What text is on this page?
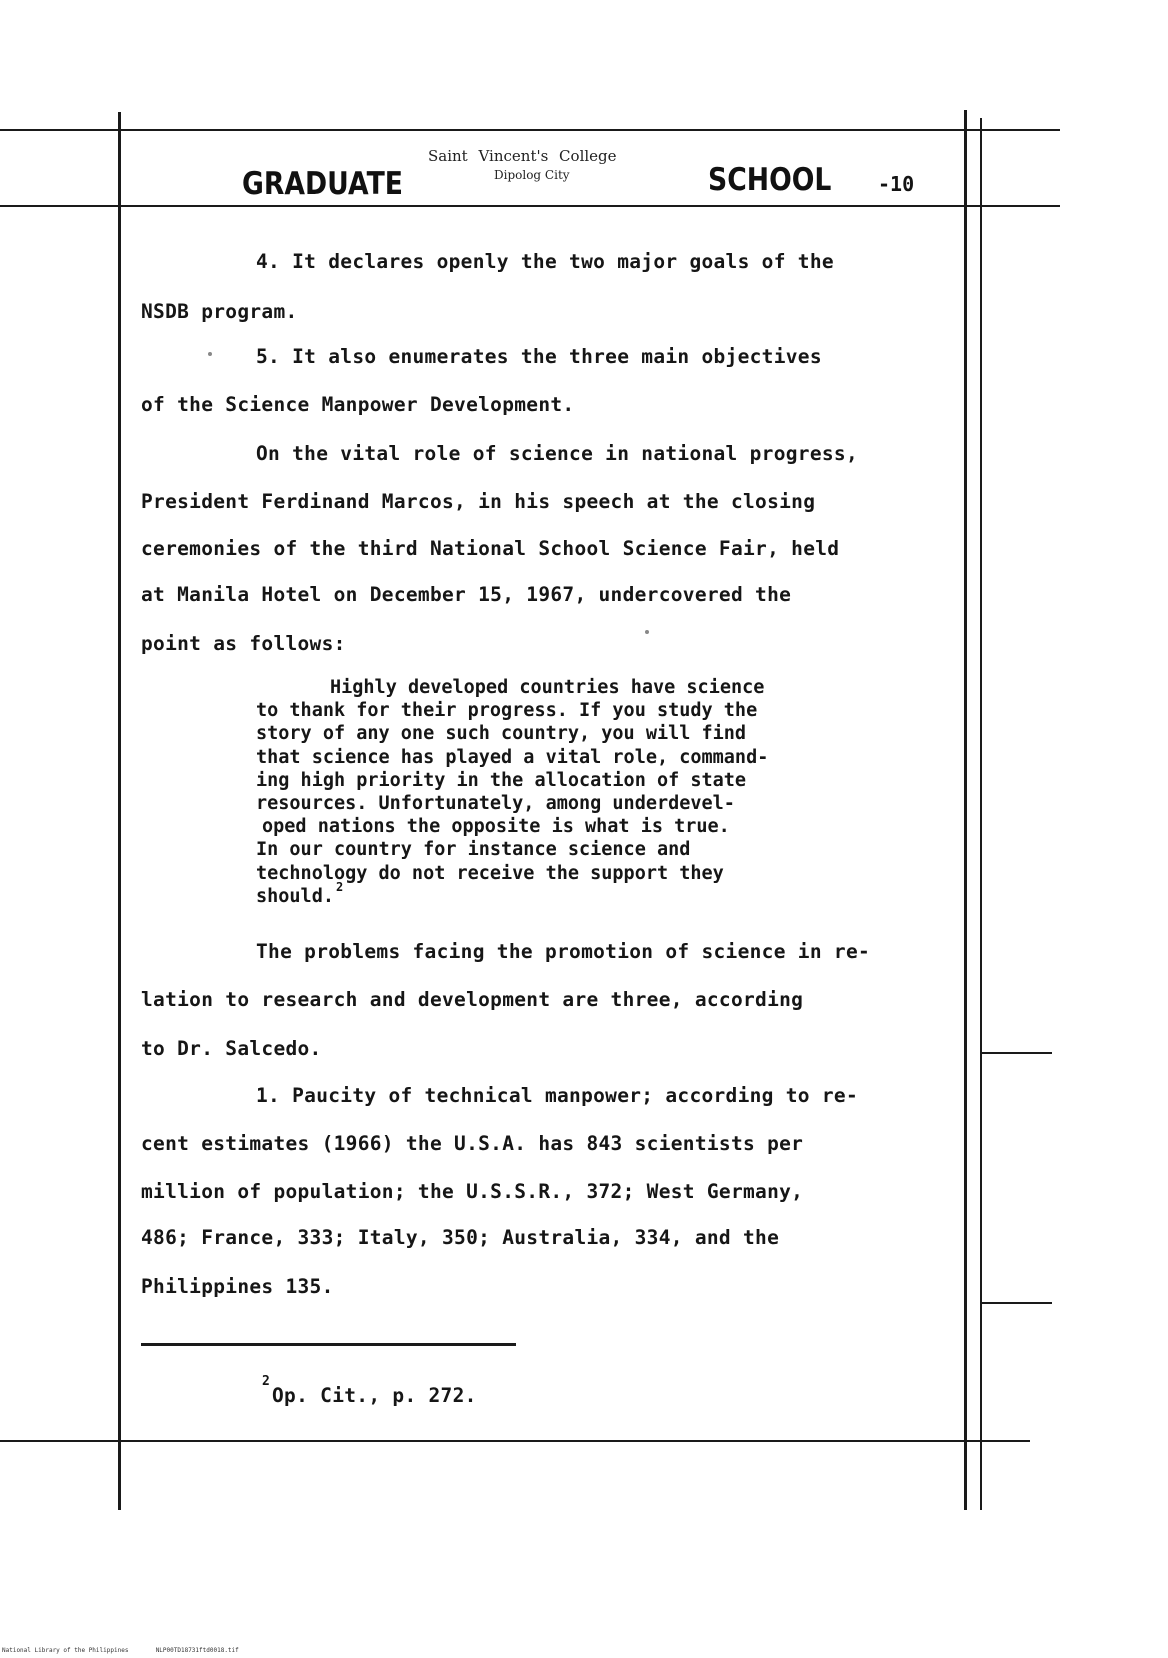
GRADUATE
Saint Vincent's College
Dipolog City	SCHOOL -10
4. It declares openly the two major goals of the
NSDB program.
5. It also enumerates the three main objectives
of the Science Manpower Development.
On the vital role of science in national progress,
President Ferdinand Marcos, in his speech at the closing
ceremonies of the third National School Science Fair, held
at Manila Hotel on December 15, 1967, undercovered the
point as follows:
Highly developed countries have science
to thank for their progress. If you study the
story of any one such country, you will find
that science has played a vital role, command-
ing high priority in the allocation of state
resources. Unfortunately, among underdevel-
oped nations the opposite is what is true.
In our country for instance science and
technology do not receive the support they
should. 2
The problems facing the promotion of science in re-
lation to research and development are three, according
to Dr. Salcedo.
1. Paucity of technical manpower; according to re-
cent estimates (1966) the U.S.A. has 843 scientists per
million of population; the U.S.S.R., 372; West Germany,
486; France, 333; Italy, 350; Australia, 334, and the
Philippines 135.
2
Op. Cit., p. 272.
National Library of the Philippines	NLP00TD18731ftd0018.tif
